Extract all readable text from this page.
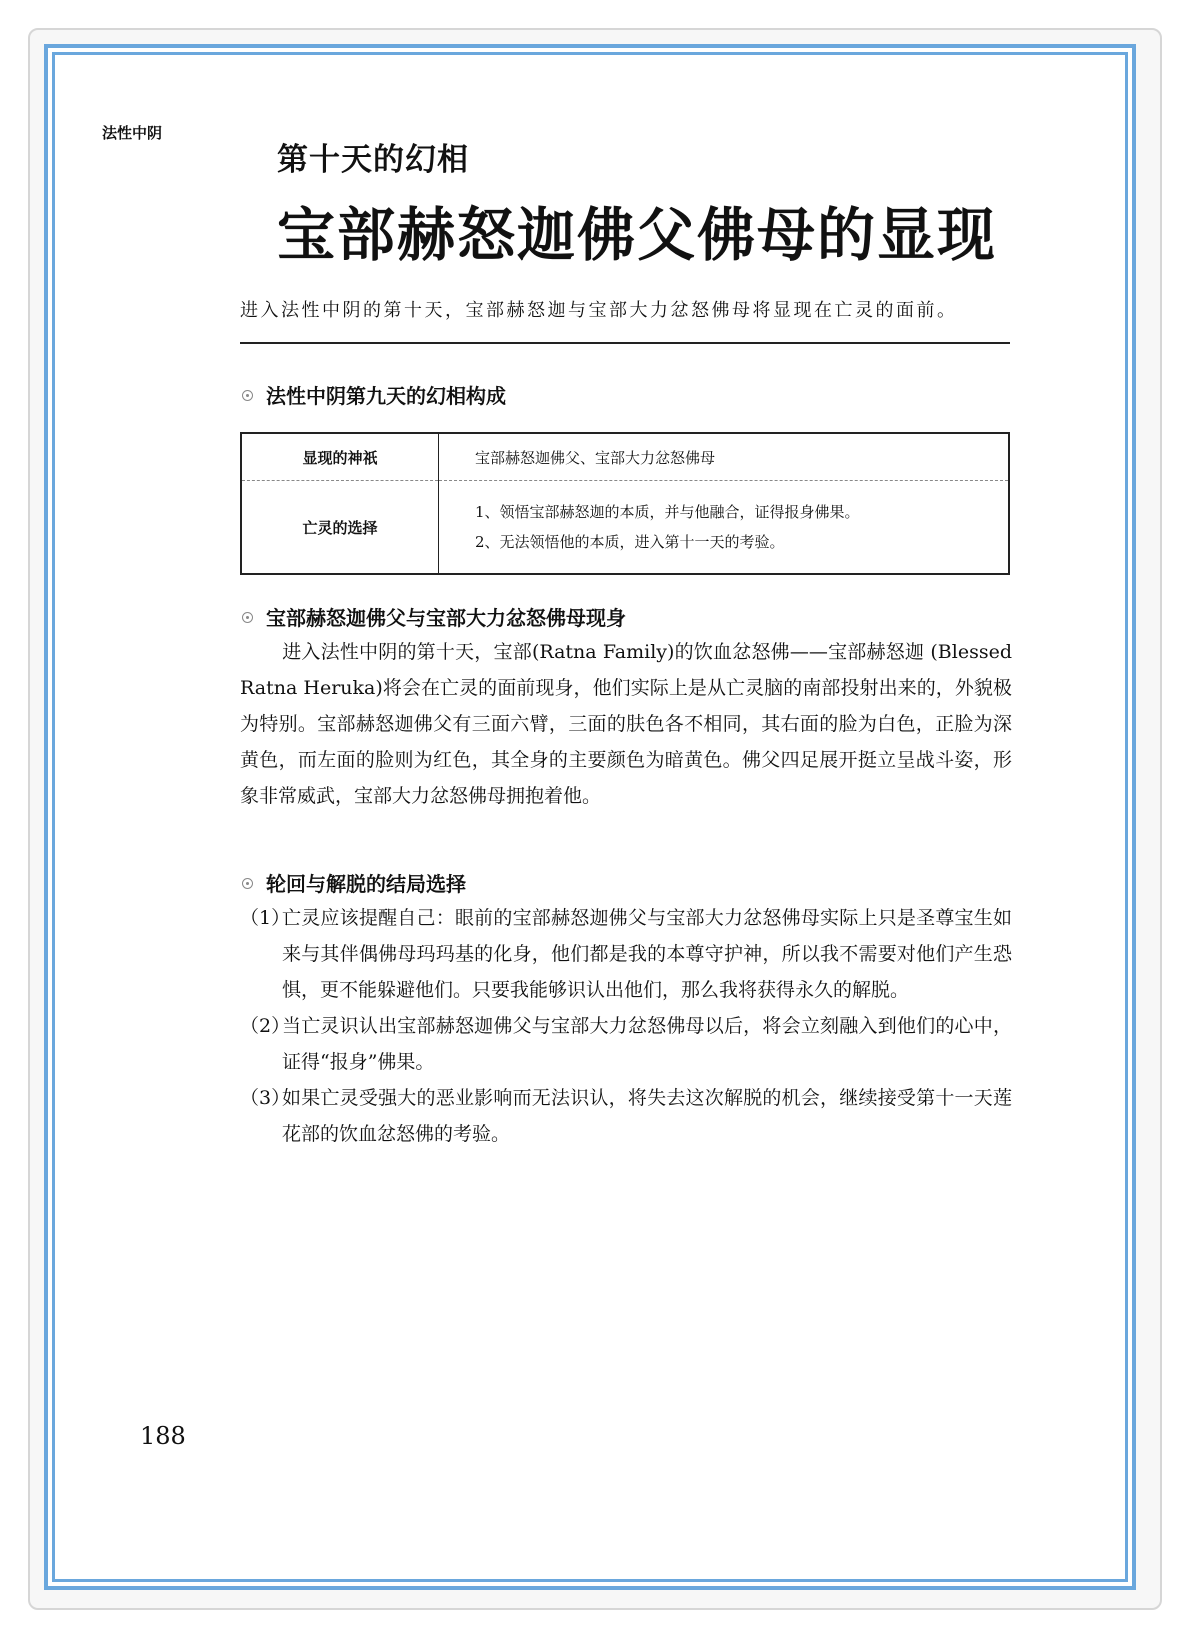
法性中阴
第十天的幻相
宝部赫怒迦佛父佛母的显现
进入法性中阴的第十天，宝部赫怒迦与宝部大力忿怒佛母将显现在亡灵的面前。
法性中阴第九天的幻相构成
显现的神祇	宝部赫怒迦佛父、宝部大力忿怒佛母
亡灵的选择	1、领悟宝部赫怒迦的本质，并与他融合，证得报身佛果。
2、无法领悟他的本质，进入第十一天的考验。
宝部赫怒迦佛父与宝部大力忿怒佛母现身

进入法性中阴的第十天，宝部(Ratna Family)的饮血忿怒佛——宝部赫怒迦 (Blessed Ratna Heruka)将会在亡灵的面前现身，他们实际上是从亡灵脑的南部投射出来的，外貌极为特别。宝部赫怒迦佛父有三面六臂，三面的肤色各不相同，其右面的脸为白色，正脸为深黄色，而左面的脸则为红色，其全身的主要颜色为暗黄色。佛父四足展开挺立呈战斗姿，形象非常威武，宝部大力忿怒佛母拥抱着他。

轮回与解脱的结局选择
（1）
亡灵应该提醒自己：眼前的宝部赫怒迦佛父与宝部大力忿怒佛母实际上只是圣尊宝生如来与其伴偶佛母玛玛基的化身，他们都是我的本尊守护神，所以我不需要对他们产生恐惧，更不能躲避他们。只要我能够识认出他们，那么我将获得永久的解脱。
（2）
当亡灵识认出宝部赫怒迦佛父与宝部大力忿怒佛母以后，将会立刻融入到他们的心中，证得“报身”佛果。
（3）
如果亡灵受强大的恶业影响而无法识认，将失去这次解脱的机会，继续接受第十一天莲花部的饮血忿怒佛的考验。
188
